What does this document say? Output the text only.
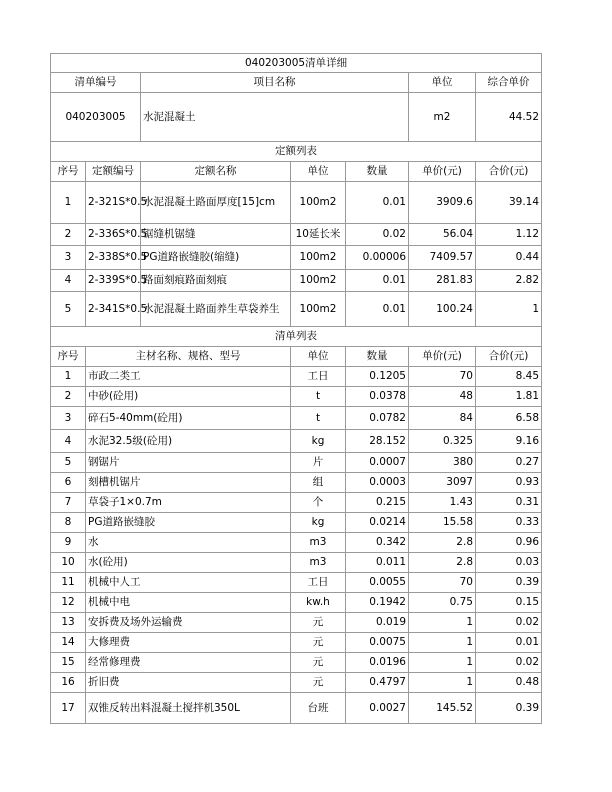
040203005清单详细						
清单编号		项目名称			单位	综合单价
040203005		水泥混凝土			m2	44.52
定额列表						
序号	定额编号	定额名称	单位	数量	单价(元)	合价(元)
1	2-321S*0.5	水泥混凝土路面厚度[15]cm	100m2	0.01	3909.6	39.14
2	2-336S*0.5	锯缝机锯缝	10延长米	0.02	56.04	1.12
3	2-338S*0.5	PG道路嵌缝胶(缩缝)	100m2	0.00006	7409.57	0.44
4	2-339S*0.5	路面刻痕路面刻痕	100m2	0.01	281.83	2.82
5	2-341S*0.5	水泥混凝土路面养生草袋养生	100m2	0.01	100.24	1
清单列表						
序号	主材名称、规格、型号		单位	数量	单价(元)	合价(元)
1	市政二类工		工日	0.1205	70	8.45
2	中砂(砼用)		t	0.0378	48	1.81
3	碎石5-40mm(砼用)		t	0.0782	84	6.58
4	水泥32.5级(砼用)		kg	28.152	0.325	9.16
5	钢锯片		片	0.0007	380	0.27
6	刻槽机锯片		组	0.0003	3097	0.93
7	草袋子1×0.7m		个	0.215	1.43	0.31
8	PG道路嵌缝胶		kg	0.0214	15.58	0.33
9	水		m3	0.342	2.8	0.96
10	水(砼用)		m3	0.011	2.8	0.03
11	机械中人工		工日	0.0055	70	0.39
12	机械中电		kw.h	0.1942	0.75	0.15
13	安拆费及场外运输费		元	0.019	1	0.02
14	大修理费		元	0.0075	1	0.01
15	经常修理费		元	0.0196	1	0.02
16	折旧费		元	0.4797	1	0.48
17	双锥反转出料混凝土搅拌机350L		台班	0.0027	145.52	0.39
